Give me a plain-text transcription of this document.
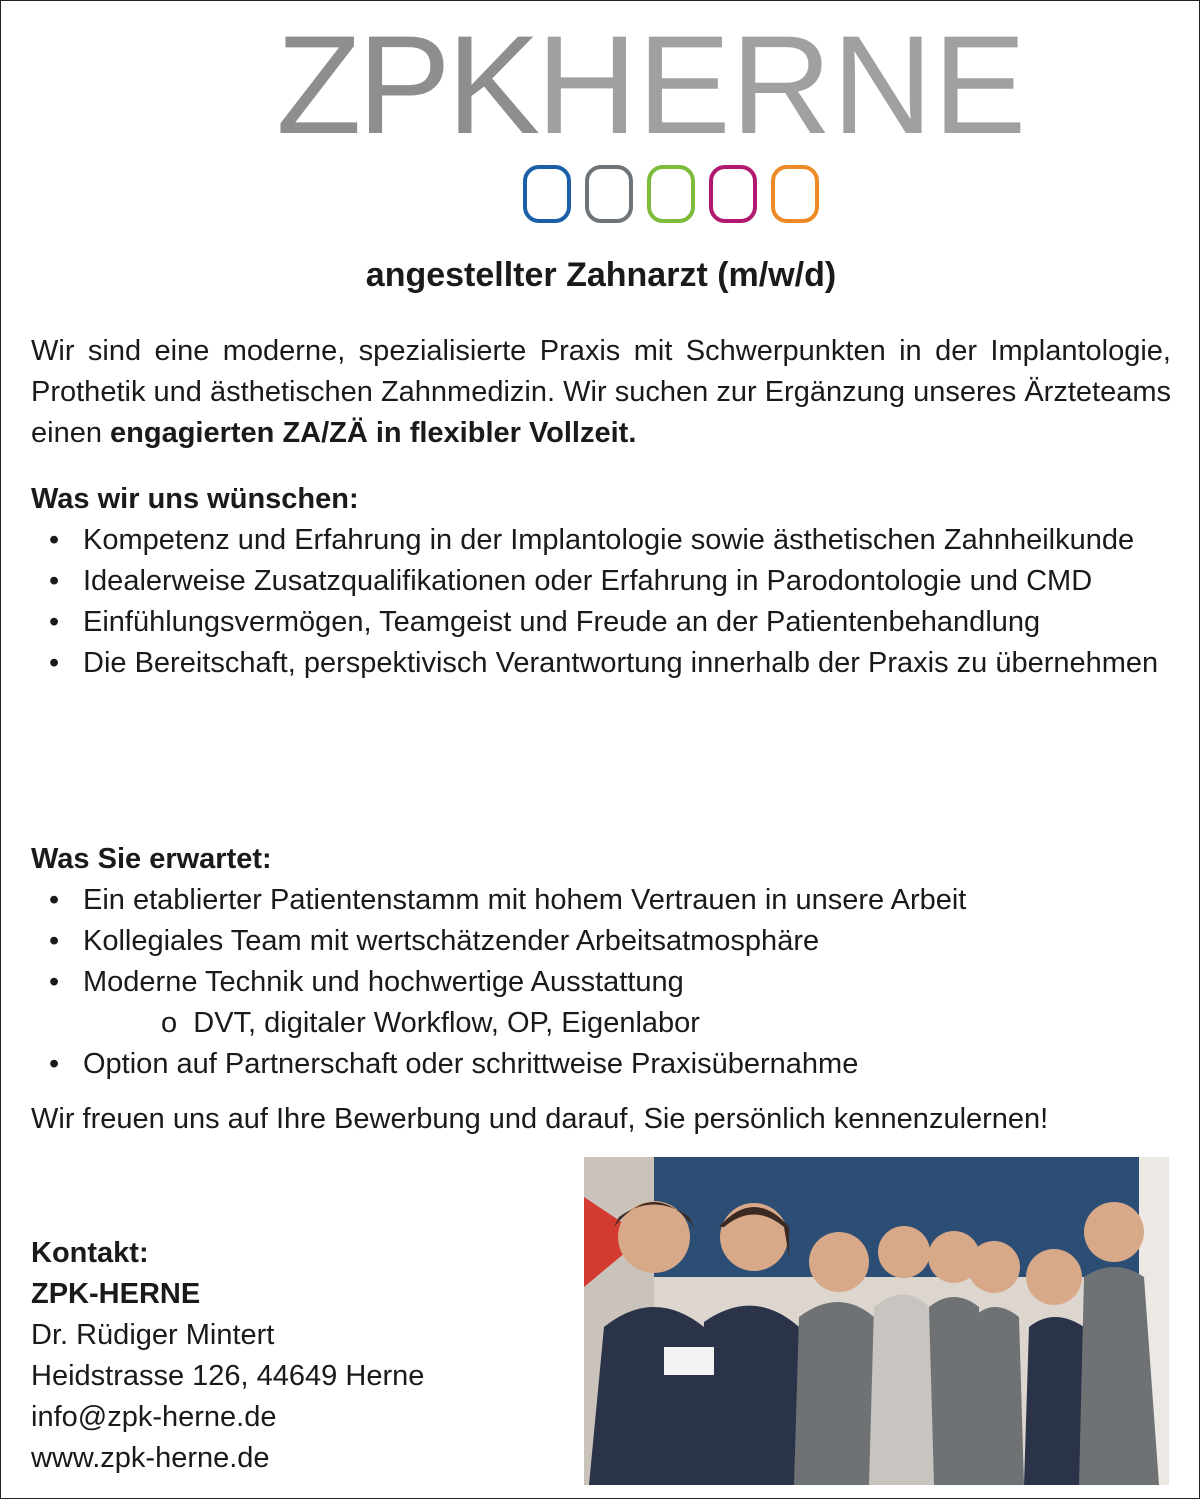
ZPKHERNE
angestellter Zahnarzt (m/w/d)
Wir sind eine moderne, spezialisierte Praxis mit Schwerpunkten in der Implantologie, Prothetik und ästhetischen Zahnmedizin. Wir suchen zur Ergänzung unseres Ärzteteams einen engagierten ZA/ZÄ in flexibler Vollzeit.

Was wir uns wünschen:

• Kompetenz und Erfahrung in der Implantologie sowie ästhetischen Zahnheilkunde
• Idealerweise Zusatzqualifikationen oder Erfahrung in Parodontologie und CMD
• Einfühlungsvermögen, Teamgeist und Freude an der Patientenbehandlung
• Die Bereitschaft, perspektivisch Verantwortung innerhalb der Praxis zu übernehmen

Was Sie erwartet:

• Ein etablierter Patientenstamm mit hohem Vertrauen in unsere Arbeit
• Kollegiales Team mit wertschätzender Arbeitsatmosphäre
• Moderne Technik und hochwertige Ausstattung
o DVT, digitaler Workflow, OP, Eigenlabor
• Option auf Partnerschaft oder schrittweise Praxisübernahme
Wir freuen uns auf Ihre Bewerbung und darauf, Sie persönlich kennenzulernen!
Kontakt:
ZPK-HERNE
Dr. Rüdiger Mintert
Heidstrasse 126, 44649 Herne
info@zpk-herne.de
www.zpk-herne.de
